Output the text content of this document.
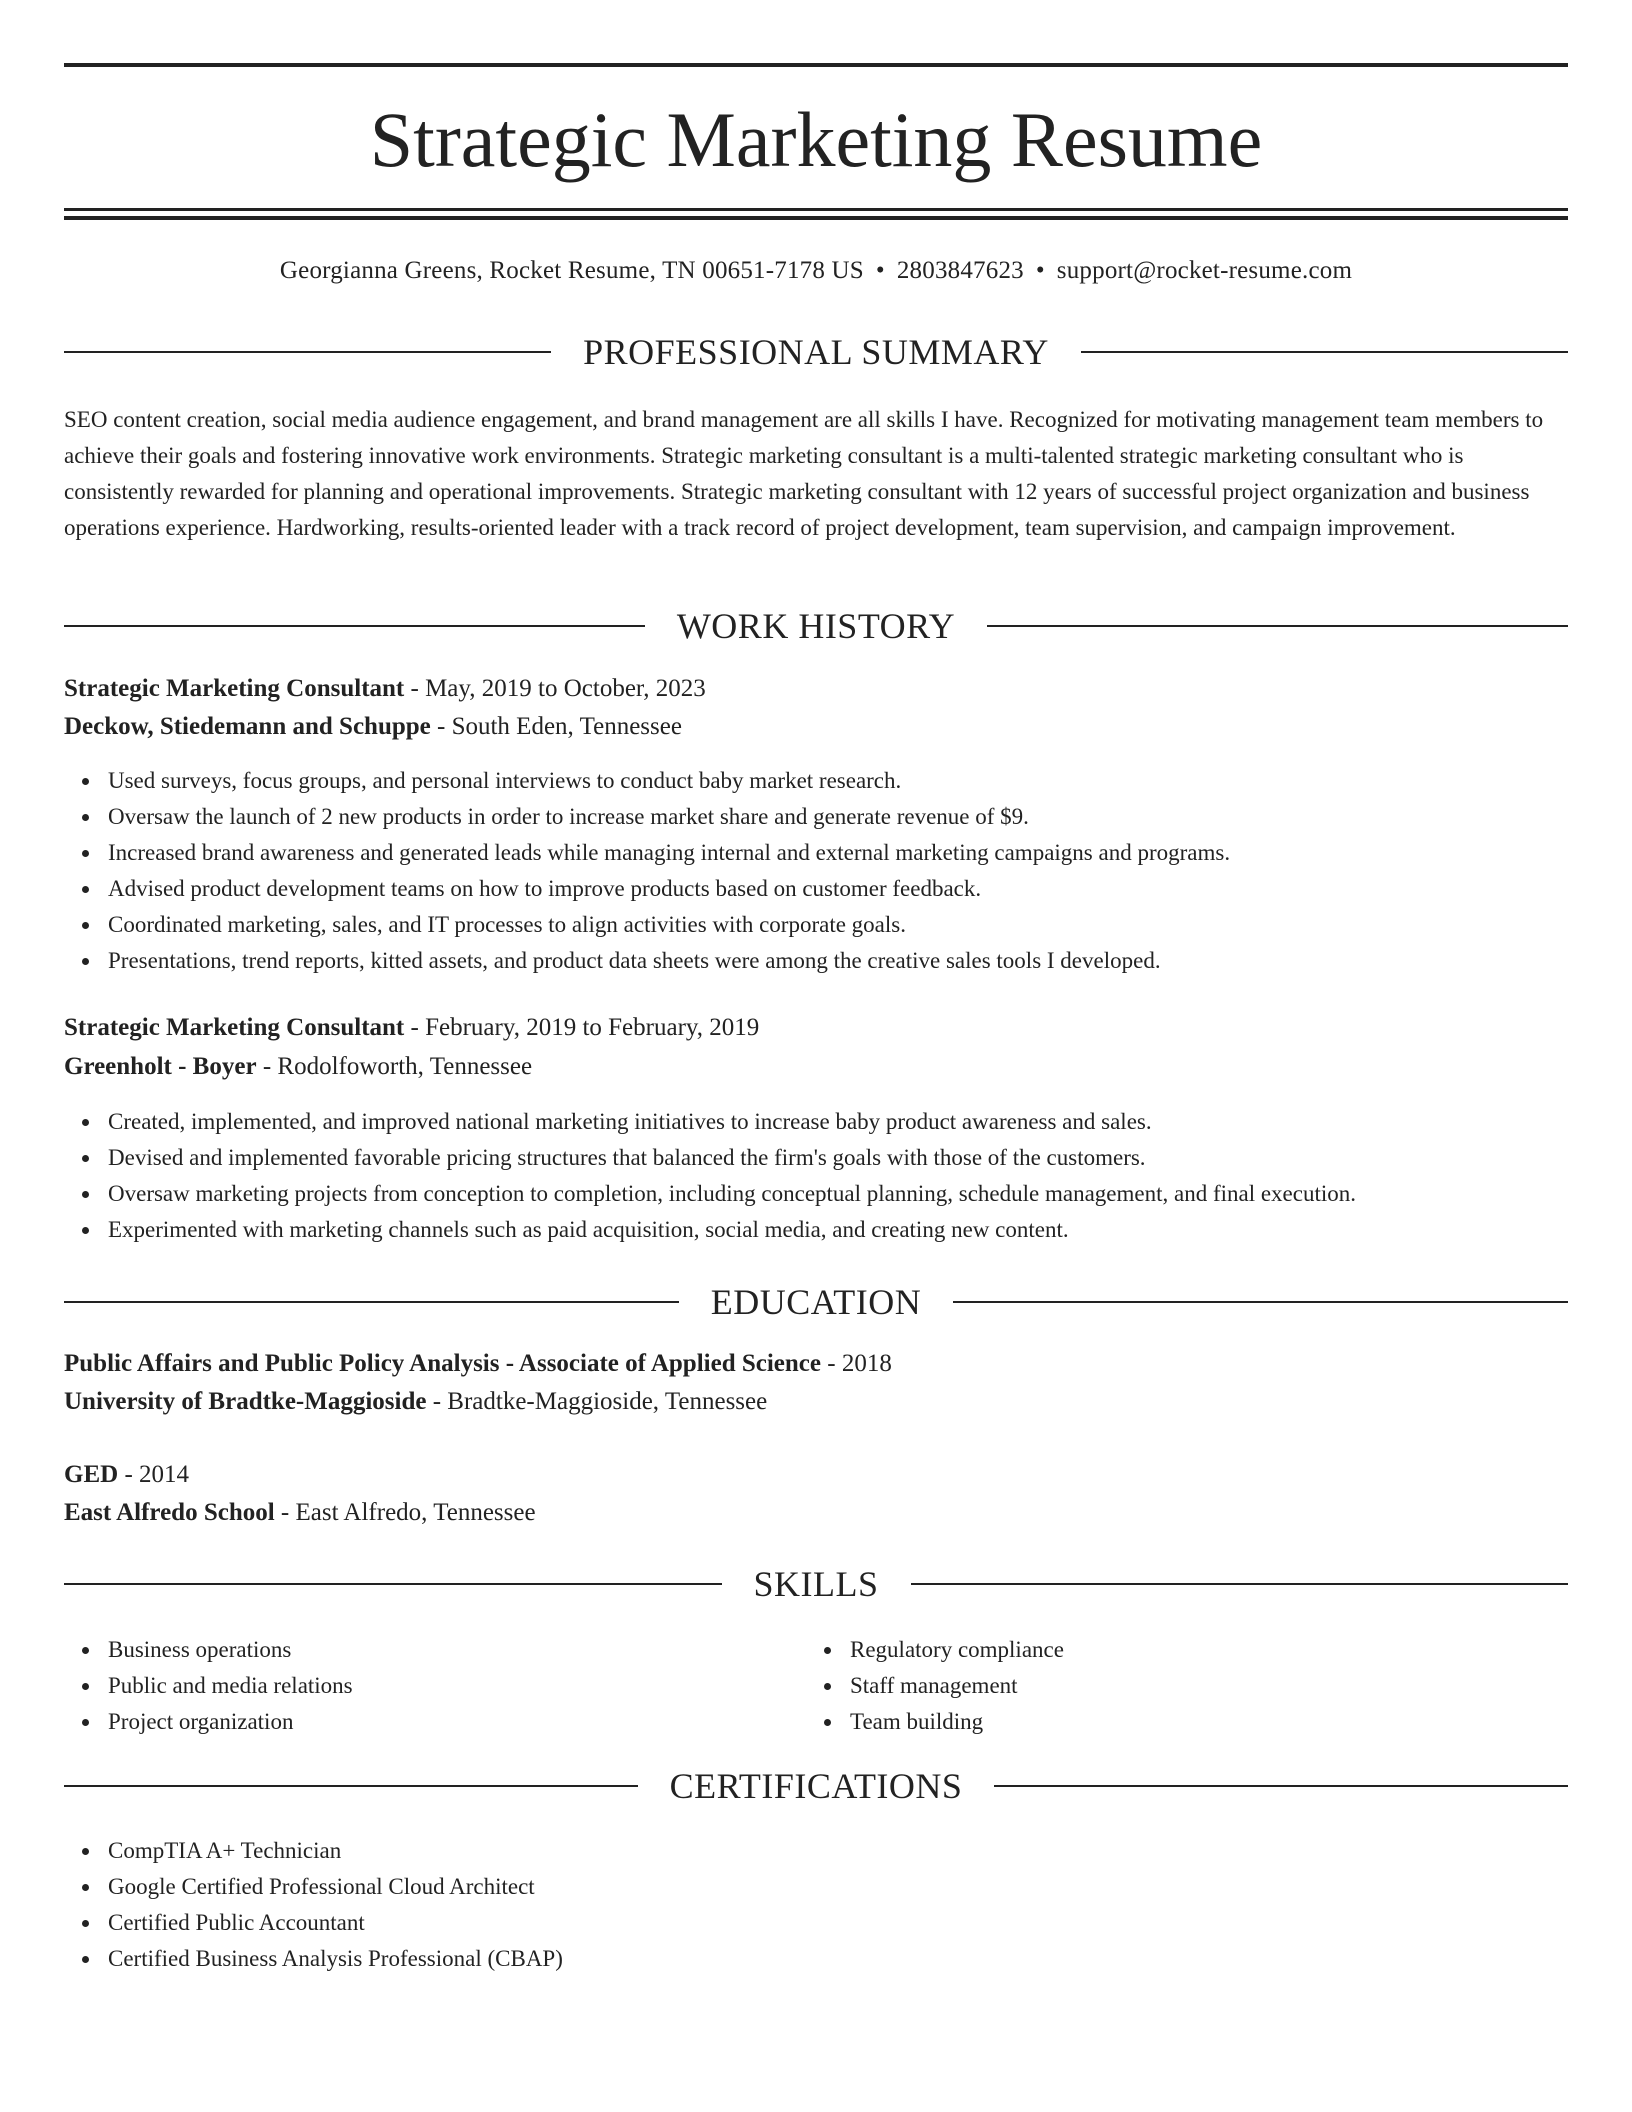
Strategic Marketing Resume
Georgianna Greens, Rocket Resume, TN 00651-7178 US • 2803847623 • support@rocket-resume.com
PROFESSIONAL SUMMARY

SEO content creation, social media audience engagement, and brand management are all skills I have. Recognized for motivating management team members to achieve their goals and fostering innovative work environments. Strategic marketing consultant is a multi-talented strategic marketing consultant who is consistently rewarded for planning and operational improvements. Strategic marketing consultant with 12 years of successful project organization and business operations experience. Hardworking, results-oriented leader with a track record of project development, team supervision, and campaign improvement.

WORK HISTORY
Strategic Marketing Consultant - May, 2019 to October, 2023
Deckow, Stiedemann and Schuppe - South Eden, Tennessee
Used surveys, focus groups, and personal interviews to conduct baby market research.
Oversaw the launch of 2 new products in order to increase market share and generate revenue of $9.
Increased brand awareness and generated leads while managing internal and external marketing campaigns and programs.
Advised product development teams on how to improve products based on customer feedback.
Coordinated marketing, sales, and IT processes to align activities with corporate goals.
Presentations, trend reports, kitted assets, and product data sheets were among the creative sales tools I developed.
Strategic Marketing Consultant - February, 2019 to February, 2019
Greenholt - Boyer - Rodolfoworth, Tennessee
Created, implemented, and improved national marketing initiatives to increase baby product awareness and sales.
Devised and implemented favorable pricing structures that balanced the firm's goals with those of the customers.
Oversaw marketing projects from conception to completion, including conceptual planning, schedule management, and final execution.
Experimented with marketing channels such as paid acquisition, social media, and creating new content.
EDUCATION
Public Affairs and Public Policy Analysis - Associate of Applied Science - 2018
University of Bradtke-Maggioside - Bradtke-Maggioside, Tennessee
GED - 2014
East Alfredo School - East Alfredo, Tennessee
SKILLS
Business operations
Public and media relations
Project organization
Regulatory compliance
Staff management
Team building
CERTIFICATIONS
CompTIA A+ Technician
Google Certified Professional Cloud Architect
Certified Public Accountant
Certified Business Analysis Professional (CBAP)
